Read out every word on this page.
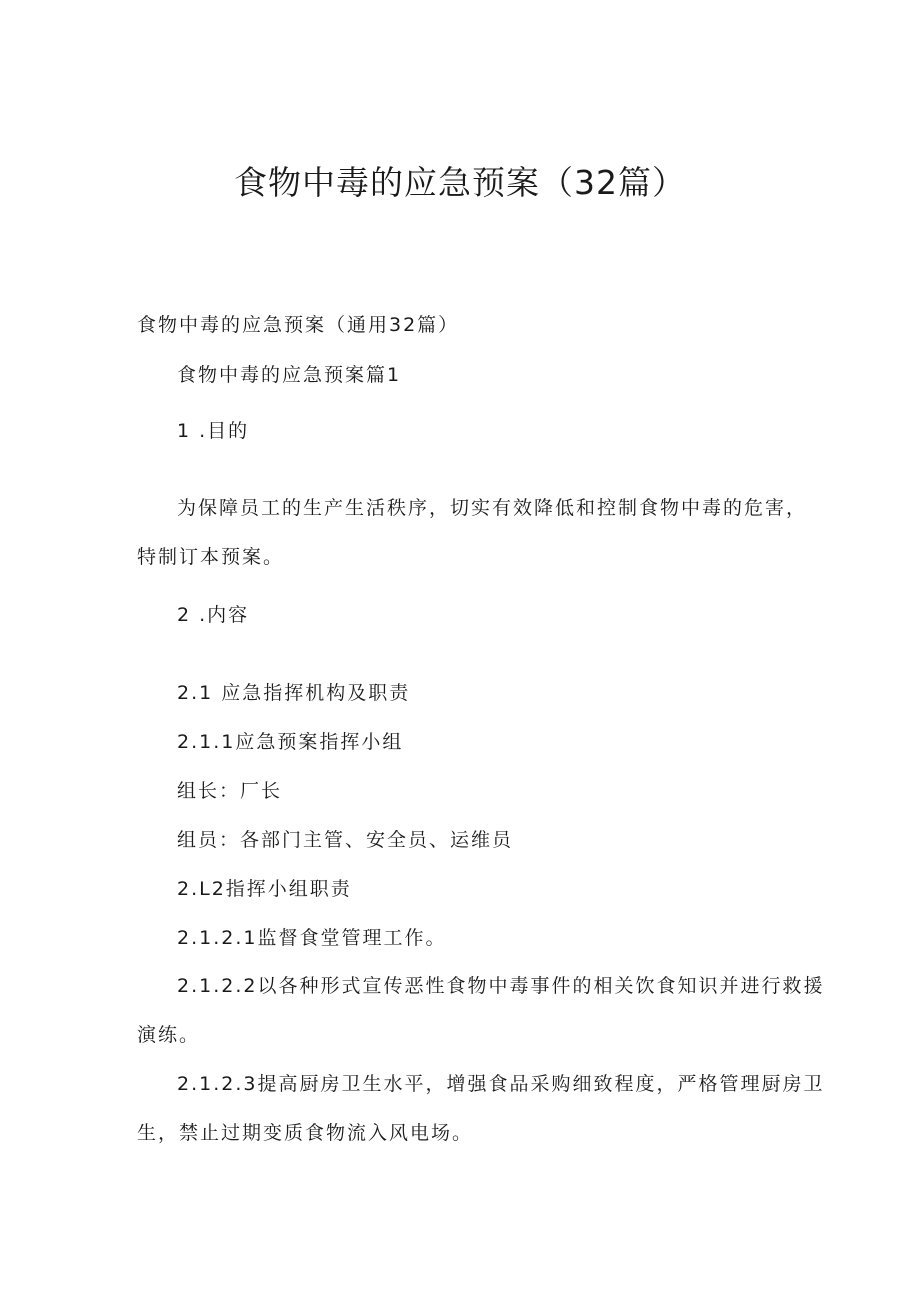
食物中毒的应急预案（32篇）
食物中毒的应急预案（通用32篇）
食物中毒的应急预案篇1
1 .目的
为保障员工的生产生活秩序，切实有效降低和控制食物中毒的危害，
特制订本预案。
2 .内容
2.1 应急指挥机构及职责
2.1.1应急预案指挥小组
组长：厂长
组员：各部门主管、安全员、运维员
2.L2指挥小组职责
2.1.2.1监督食堂管理工作。
2.1.2.2以各种形式宣传恶性食物中毒事件的相关饮食知识并进行救援
演练。
2.1.2.3提高厨房卫生水平，增强食品采购细致程度，严格管理厨房卫
生，禁止过期变质食物流入风电场。
